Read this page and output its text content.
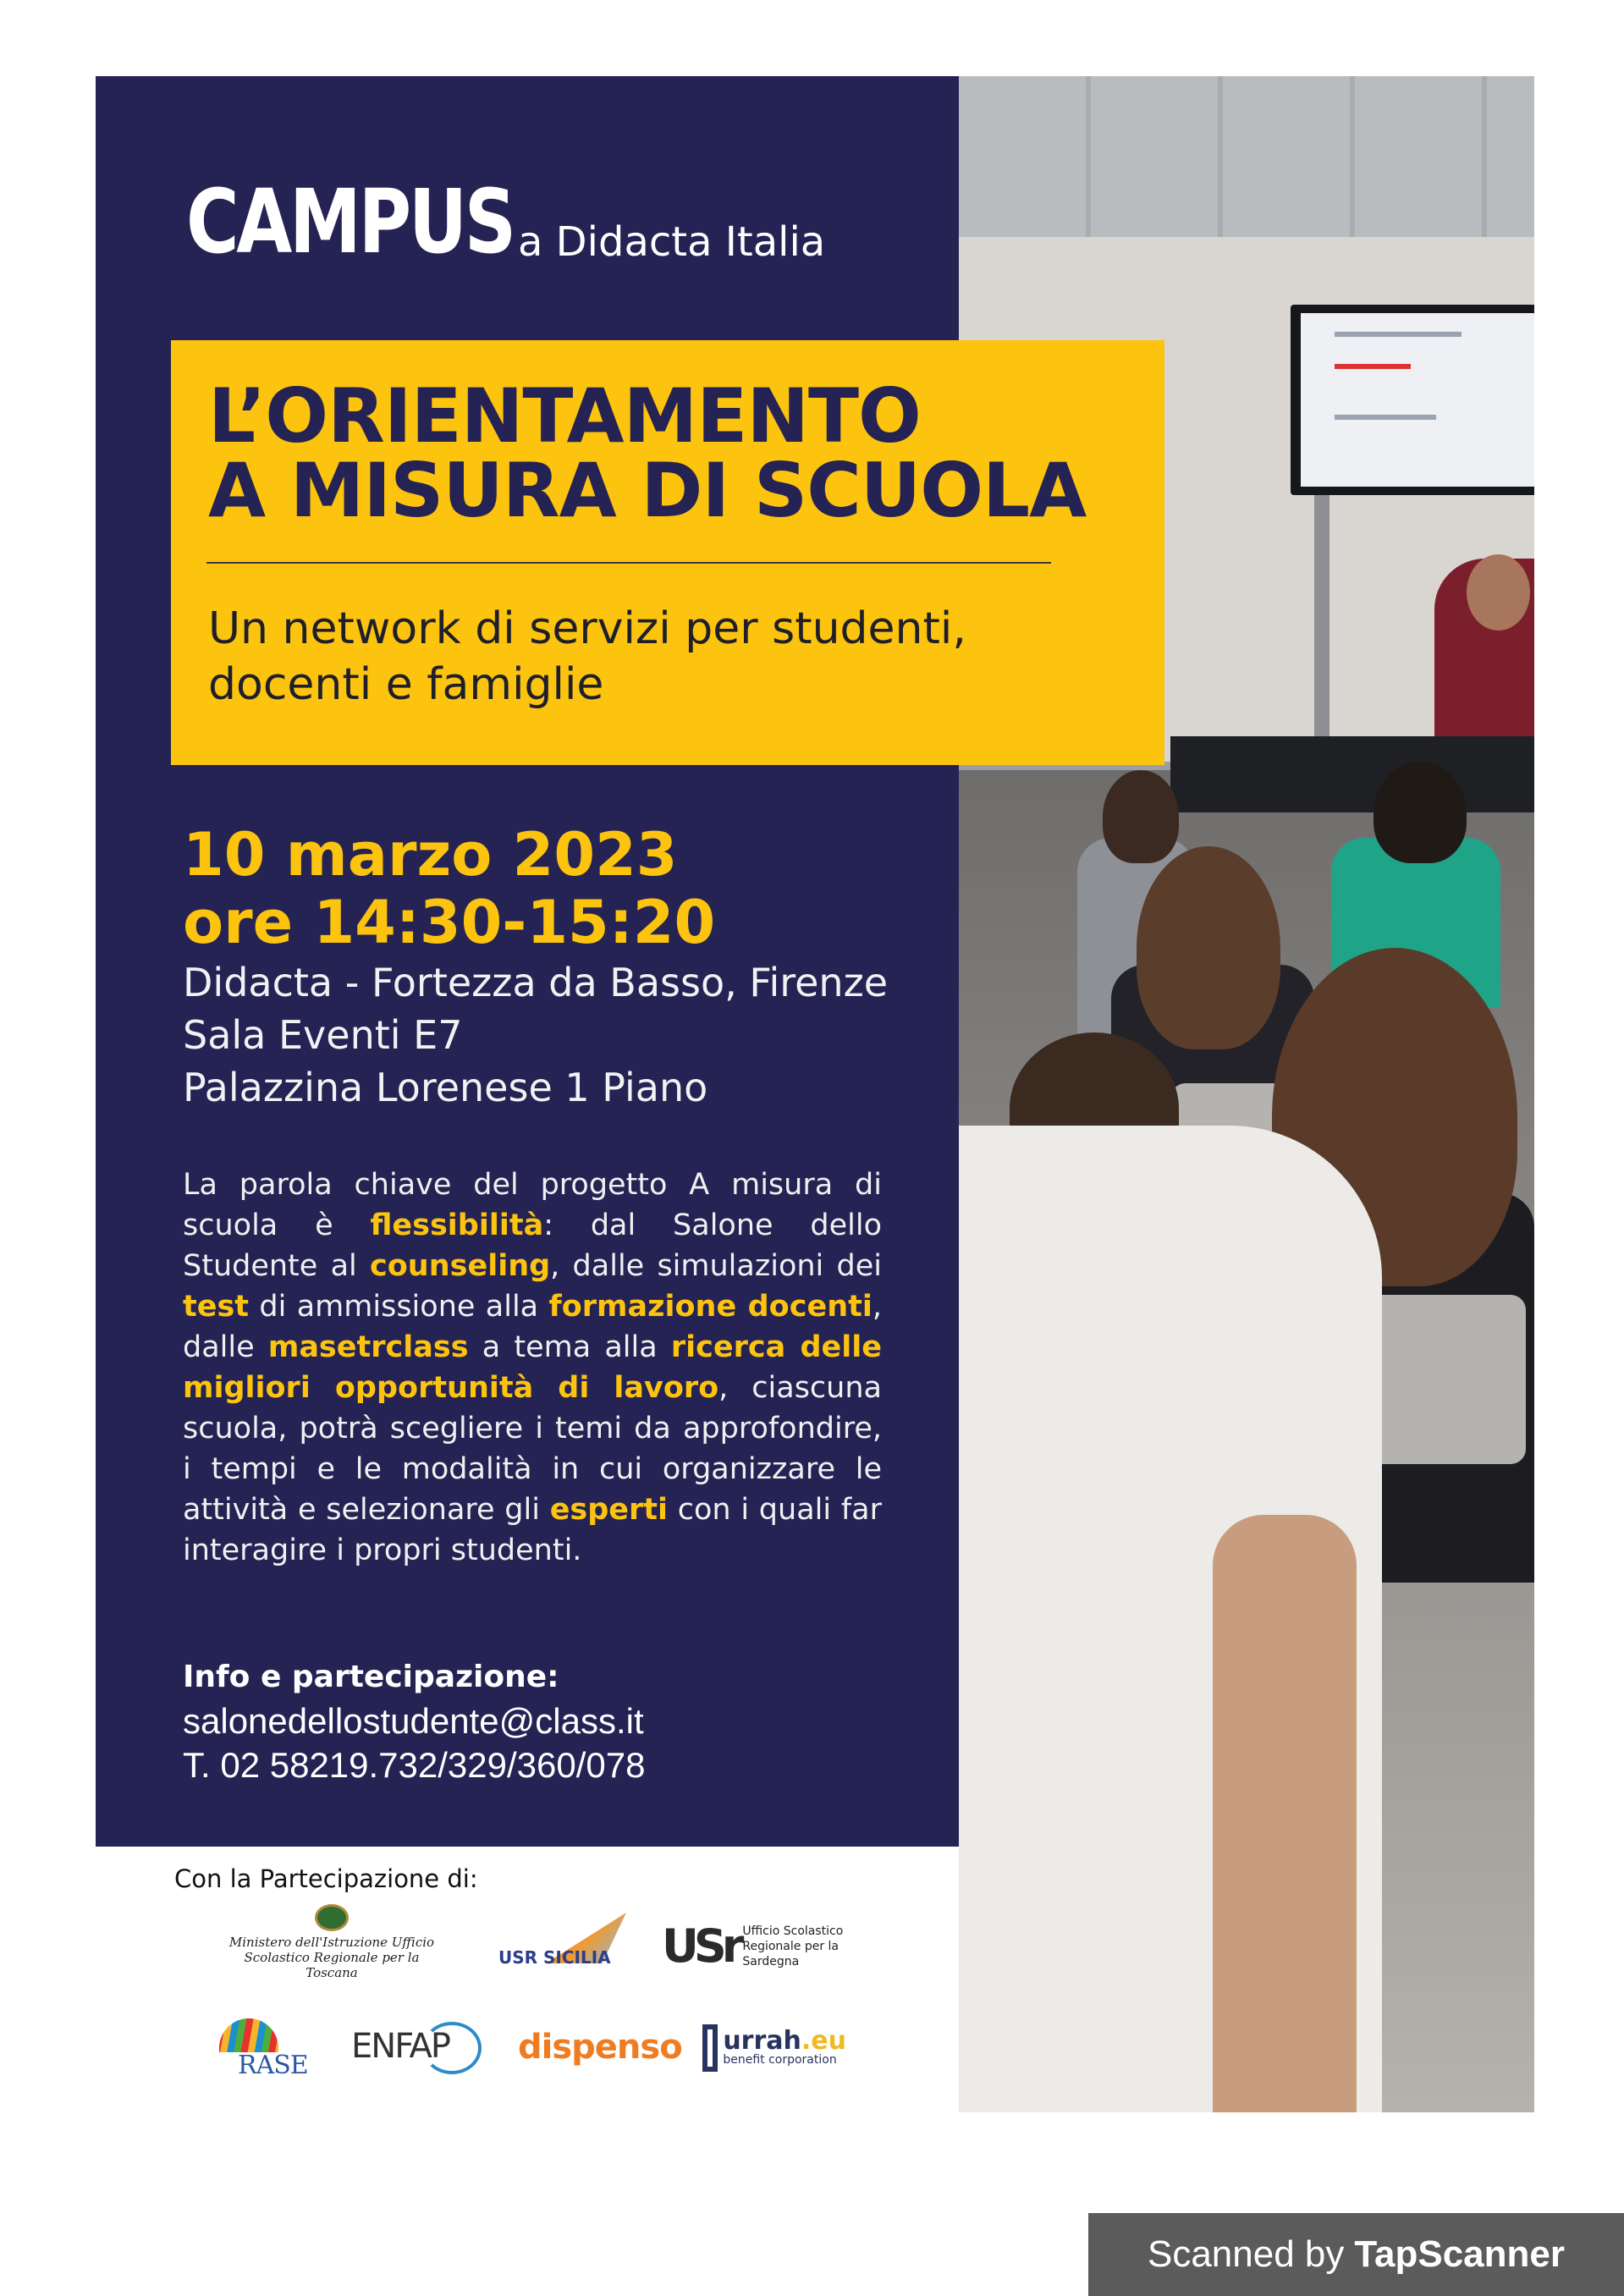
CAMPUS a Didacta Italia
L’ORIENTAMENTO
A MISURA DI SCUOLA

Un network di servizi per studenti, docenti e famiglie

10 marzo 2023
ore 14:30-15:20

Didacta - Fortezza da Basso, Firenze
Sala Eventi E7
Palazzina Lorenese 1 Piano

La parola chiave del progetto A misura di scuola è flessibilità: dal Salone dello Studente al counseling, dalle simulazioni dei test di ammissione alla formazione docenti, dalle masetrclass a tema alla ricerca delle migliori opportunità di lavoro, ciascuna scuola, potrà scegliere i temi da approfondire, i tempi e le modalità in cui organizzare le attività e selezionare gli esperti con i quali far interagire i propri studenti.

Info e partecipazione:
salonedellostudente@class.it
T. 02 58219.732/329/360/078
Con la Partecipazione di:
Ministero dell'Istruzione Ufficio Scolastico Regionale per la Toscana
USR SICILIA USr Ufficio Scolastico Regionale per la Sardegna
RASE ENFAP dispenso urrah.eu
benefit corporation
Scanned by TapScanner
